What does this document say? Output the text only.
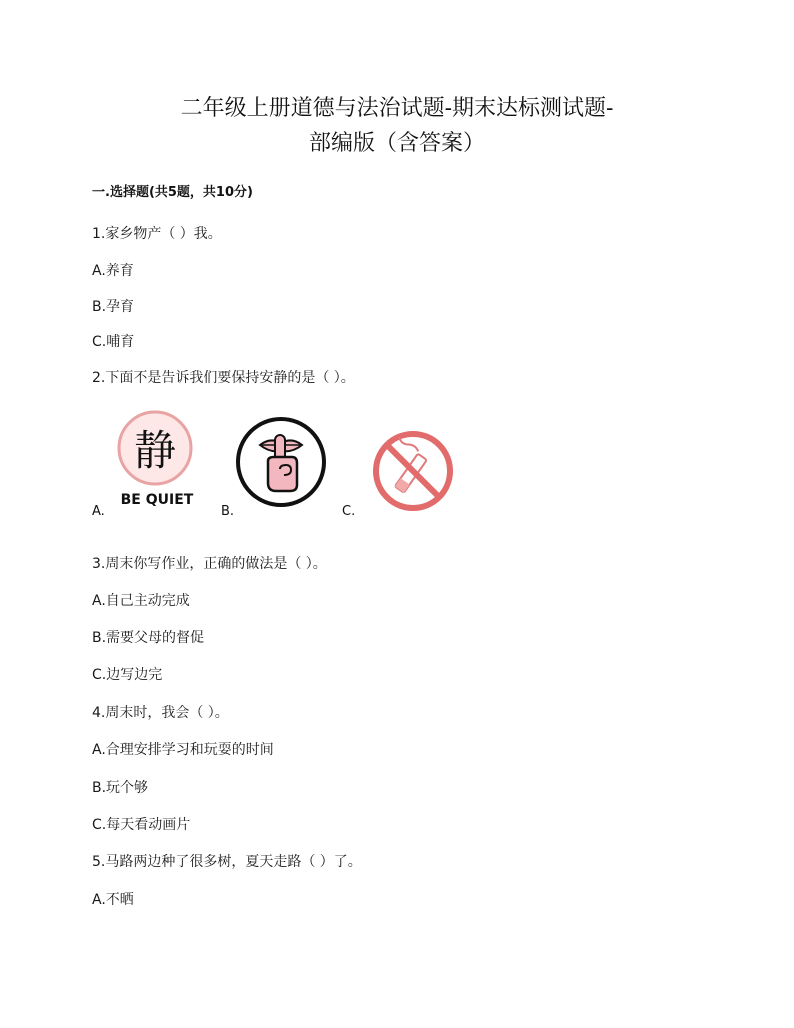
二年级上册道德与法治试题-期末达标测试题-
部编版（含答案）
一.选择题(共5题，共10分)
1.家乡物产（ ）我。
A.养育
B.孕育
C.哺育
2.下面不是告诉我们要保持安静的是（ ）。
静
BE QUIET
A.	B.	C.
3.周末你写作业，正确的做法是（ ）。
A.自己主动完成
B.需要父母的督促
C.边写边完
4.周末时，我会（ ）。
A.合理安排学习和玩耍的时间
B.玩个够
C.每天看动画片
5.马路两边种了很多树，夏天走路（ ）了。
A.不晒
